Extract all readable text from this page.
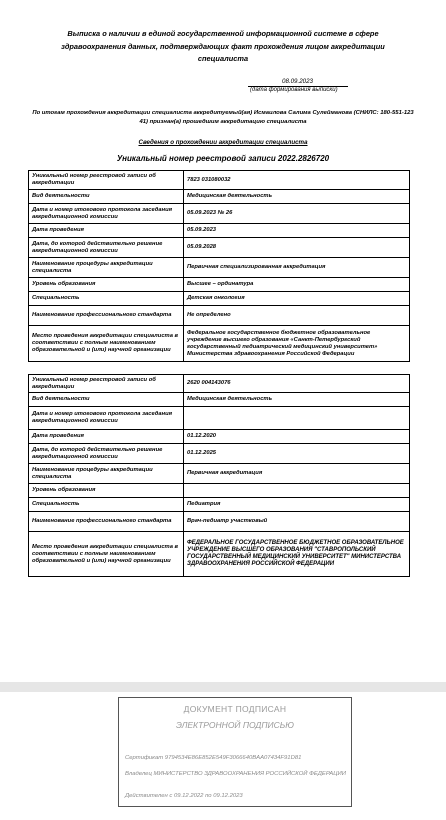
Выписка о наличии в единой государственной информационной системе в сфере здравоохранения данных, подтверждающих факт прохождения лицом аккредитации специалиста
08.09.2023
(дата формирования выписки)
По итогам прохождения аккредитации специалиста аккредитуемый(ая) Исмаилова Салима Сулейманова (СНИЛС: 180-551-123 41) признан(а) прошедшим аккредитацию специалиста
Сведения о прохождении аккредитации специалиста
Уникальный номер реестровой записи 2022.2826720
Уникальный номер реестровой записи об аккредитации	7823 031080032
Вид деятельности	Медицинская деятельность
Дата и номер итогового протокола заседания аккредитационной комиссии	05.09.2023 № 26
Дата проведения	05.09.2023
Дата, до которой действительно решение аккредитационной комиссии	05.09.2028
Наименование процедуры аккредитации специалиста	Первичная специализированная аккредитация
Уровень образования	Высшее – ординатура
Специальность	Детская онкология
Наименование профессионального стандарта	Не определено
Место проведения аккредитации специалиста в соответствии с полным наименованием образовательной и (или) научной организации	Федеральное государственное бюджетное образовательное учреждение высшего образования «Санкт-Петербургский государственный педиатрический медицинский университет» Министерства здравоохранения Российской Федерации
Уникальный номер реестровой записи об аккредитации	2620 004143076
Вид деятельности	Медицинская деятельность
Дата и номер итогового протокола заседания аккредитационной комиссии	
Дата проведения	01.12.2020
Дата, до которой действительно решение аккредитационной комиссии	01.12.2025
Наименование процедуры аккредитации специалиста	Первичная аккредитация
Уровень образования	
Специальность	Педиатрия
Наименование профессионального стандарта	Врач-педиатр участковый
Место проведения аккредитации специалиста в соответствии с полным наименованием образовательной и (или) научной организации	ФЕДЕРАЛЬНОЕ ГОСУДАРСТВЕННОЕ БЮДЖЕТНОЕ ОБРАЗОВАТЕЛЬНОЕ УЧРЕЖДЕНИЕ ВЫСШЕГО ОБРАЗОВАНИЯ "СТАВРОПОЛЬСКИЙ ГОСУДАРСТВЕННЫЙ МЕДИЦИНСКИЙ УНИВЕРСИТЕТ" МИНИСТЕРСТВА ЗДРАВООХРАНЕНИЯ РОССИЙСКОЙ ФЕДЕРАЦИИ
ДОКУМЕНТ ПОДПИСАН
ЭЛЕКТРОННОЙ ПОДПИСЬЮ
Сертификат 9794534E86E852E549F3066640BAA07434F91D81
Владелец МИНИСТЕРСТВО ЗДРАВООХРАНЕНИЯ РОССИЙСКОЙ ФЕДЕРАЦИИ
Действителен с 09.12.2022 по 09.12.2023
